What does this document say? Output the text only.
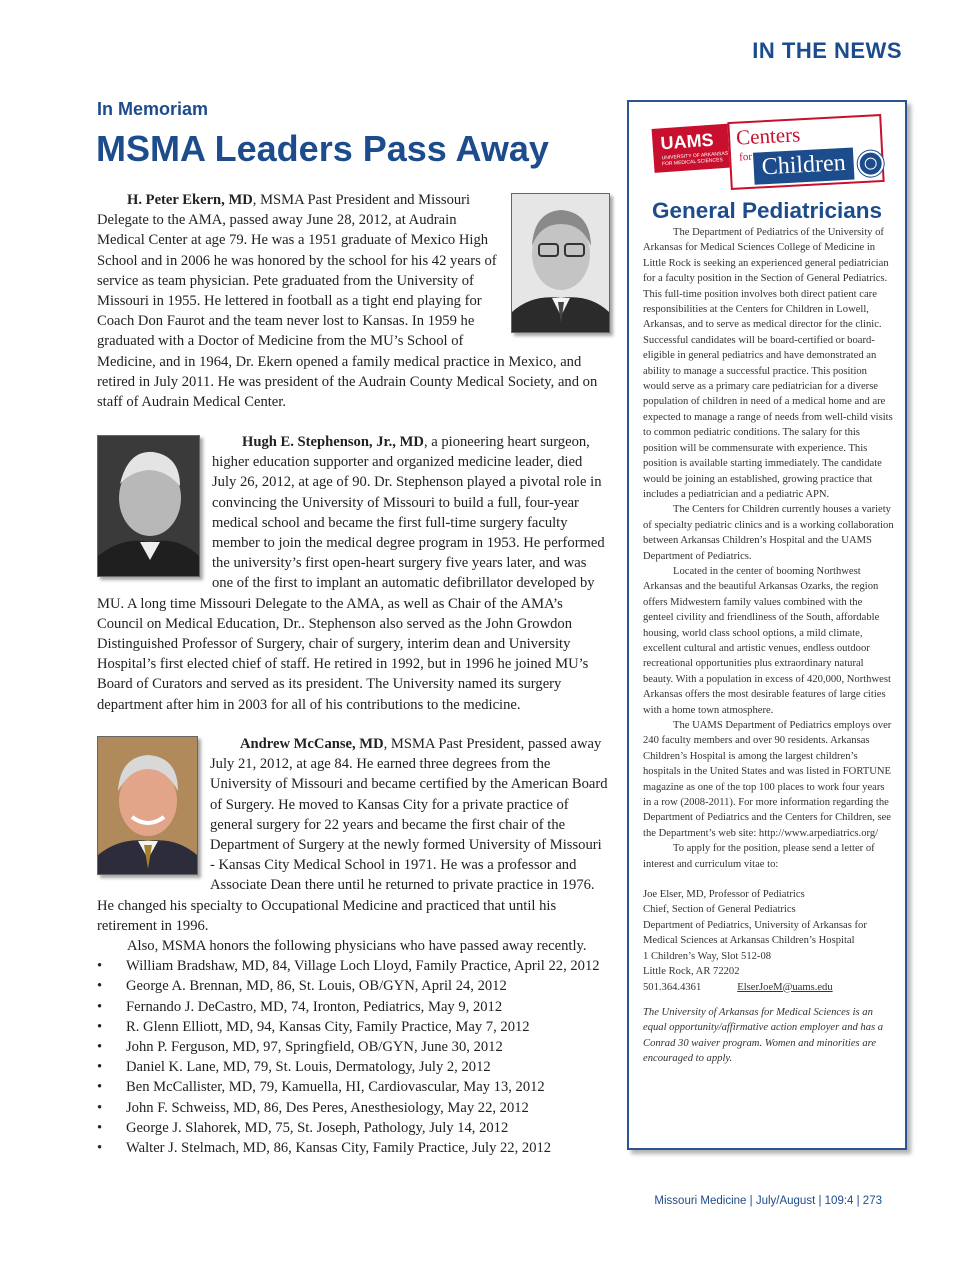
IN THE NEWS
In Memoriam
MSMA Leaders Pass Away

H. Peter Ekern, MD, MSMA Past President and Missouri Delegate to the AMA, passed away June 28, 2012, at Audrain Medical Center at age 79. He was a 1951 graduate of Mexico High School and in 2006 he was honored by the school for his 42 years of service as team physician. Pete graduated from the University of Missouri in 1955. He lettered in football as a tight end playing for Coach Don Faurot and the team never lost to Kansas. In 1959 he graduated with a Doctor of Medicine from the MU’s School of Medicine, and in 1964, Dr. Ekern opened a family medical practice in Mexico, and retired in July 2011. He was president of the Audrain County Medical Society, and on staff of Audrain Medical Center.

Hugh E. Stephenson, Jr., MD, a pioneering heart surgeon, higher education supporter and organized medicine leader, died July 26, 2012, at age of 90. Dr. Stephenson played a pivotal role in convincing the University of Missouri to build a full, four-year medical school and became the first full-time surgery faculty member to join the medical degree program in 1953. He performed the university’s first open-heart surgery five years later, and was one of the first to implant an automatic defibrillator developed by MU. A long time Missouri Delegate to the AMA, as well as Chair of the AMA’s Council on Medical Education, Dr.. Stephenson also served as the John Growdon Distinguished Professor of Surgery, chair of surgery, interim dean and University Hospital’s first elected chief of staff. He retired in 1992, but in 1996 he joined MU’s Board of Curators and served as its president. The University named its surgery department after him in 2003 for all of his contributions to the medicine.

Andrew McCanse, MD, MSMA Past President, passed away July 21, 2012, at age 84. He earned three degrees from the University of Missouri and became certified by the American Board of Surgery. He moved to Kansas City for a private practice of general surgery for 22 years and became the first chair of the Department of Surgery at the newly formed University of Missouri - Kansas City Medical School in 1971. He was a professor and Associate Dean there until he returned to private practice in 1976. He changed his specialty to Occupational Medicine and practiced that until his retirement in 1996.

Also, MSMA honors the following physicians who have passed away recently.

• William Bradshaw, MD, 84, Village Loch Lloyd, Family Practice, April 22, 2012
• George A. Brennan, MD, 86, St. Louis, OB/GYN, April 24, 2012
• Fernando J. DeCastro, MD, 74, Ironton, Pediatrics, May 9, 2012
• R. Glenn Elliott, MD, 94, Kansas City, Family Practice, May 7, 2012
• John P. Ferguson, MD, 97, Springfield, OB/GYN, June 30, 2012
• Daniel K. Lane, MD, 79, St. Louis, Dermatology, July 2, 2012
• Ben McCallister, MD, 79, Kamuella, HI, Cardiovascular, May 13, 2012
• John F. Schweiss, MD, 86, Des Peres, Anesthesiology, May 22, 2012
• George J. Slahorek, MD, 75, St. Joseph, Pathology, July 14, 2012
• Walter J. Stelmach, MD, 86, Kansas City, Family Practice, July 22, 2012
UAMS
UNIVERSITY OF ARKANSAS FOR MEDICAL SCIENCES
Centers
for Children
General Pediatricians

The Department of Pediatrics of the University of Arkansas for Medical Sciences College of Medicine in Little Rock is seeking an experienced general pediatrician for a faculty position in the Section of General Pediatrics. This full-time position involves both direct patient care responsibilities at the Centers for Children in Lowell, Arkansas, and to serve as medical director for the clinic. Successful candidates will be board-certified or board-eligible in general pediatrics and have demonstrated an ability to manage a successful practice. This position would serve as a primary care pediatrician for a diverse population of children in need of a medical home and are expected to manage a range of needs from well-child visits to common pediatric conditions. The salary for this position will be commensurate with experience. This position is available starting immediately. The candidate would be joining an established, growing practice that includes a pediatrician and a pediatric APN.

The Centers for Children currently houses a variety of specialty pediatric clinics and is a working collaboration between Arkansas Children’s Hospital and the UAMS Department of Pediatrics.

Located in the center of booming Northwest Arkansas and the beautiful Arkansas Ozarks, the region offers Midwestern family values combined with the genteel civility and friendliness of the South, affordable housing, world class school options, a mild climate, excellent cultural and artistic venues, endless outdoor recreational opportunities plus extraordinary natural beauty. With a population in excess of 420,000, Northwest Arkansas offers the most desirable features of large cities with a home town atmosphere.

The UAMS Department of Pediatrics employs over 240 faculty members and over 90 residents. Arkansas Children’s Hospital is among the largest children’s hospitals in the United States and was listed in FORTUNE magazine as one of the top 100 places to work four years in a row (2008-2011). For more information regarding the Department of Pediatrics and the Centers for Children, see the Department’s web site: http://www.arpediatrics.org/

To apply for the position, please send a letter of interest and curriculum vitae to:

Joe Elser, MD, Professor of Pediatrics

Chief, Section of General Pediatrics

Department of Pediatrics, University of Arkansas for Medical Sciences at Arkansas Children’s Hospital

1 Children’s Way, Slot 512-08

Little Rock, AR 72202

501.364.4361	ElserJoeM@uams.edu

The University of Arkansas for Medical Sciences is an equal opportunity/affirmative action employer and has a Conrad 30 waiver program. Women and minorities are encouraged to apply.

Missouri Medicine | July/August | 109:4 | 273
